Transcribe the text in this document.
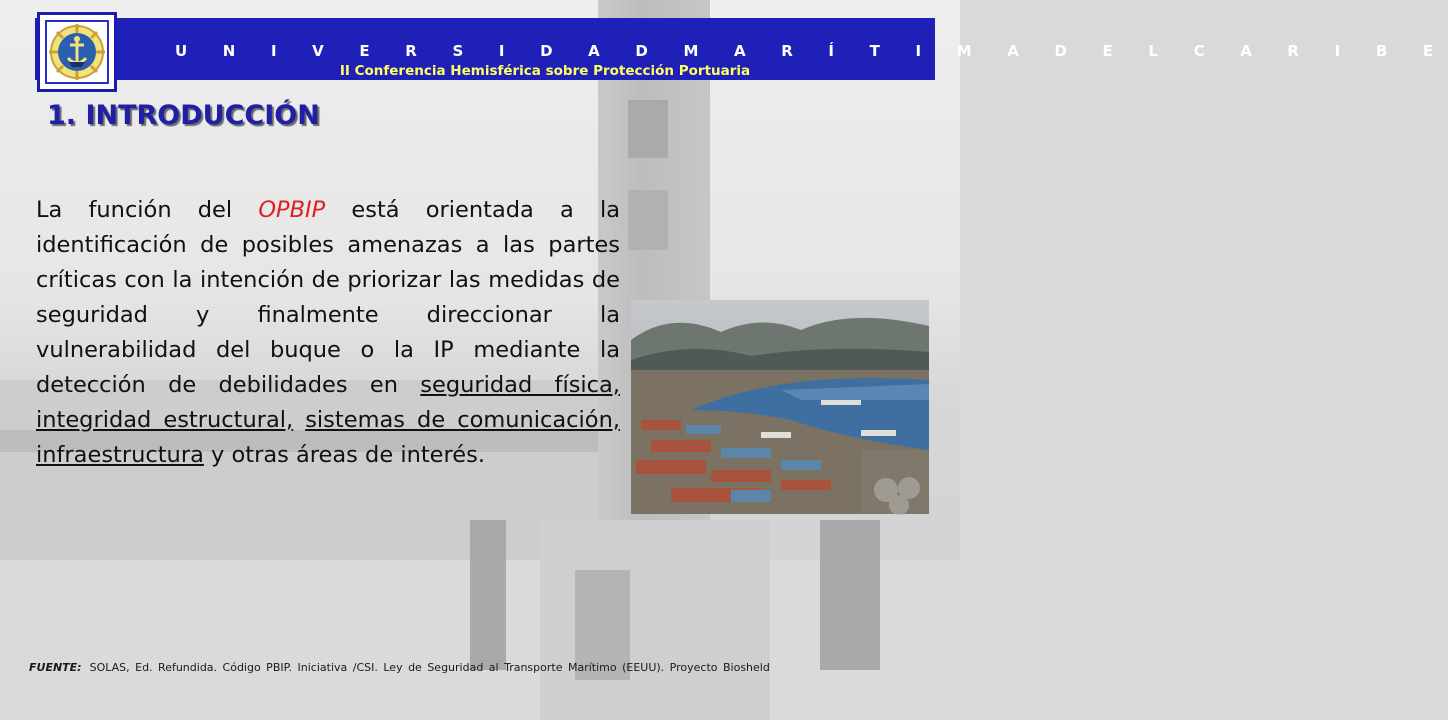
U N I V E R S I D A D M A R Í T I M A D E L C A R I B E
II Conferencia Hemisférica sobre Protección Portuaria
1. INTRODUCCIÓN
La función del OPBIP está orientada a la identificación de posibles amenazas a las partes críticas con la intención de priorizar las medidas de seguridad y finalmente direccionar la vulnerabilidad del buque o la IP mediante la detección de debilidades en seguridad física, integridad estructural, sistemas de comunicación, infraestructura y otras áreas de interés.
FUENTE: SOLAS, Ed. Refundida. Código PBIP. Iniciativa /CSI. Ley de Seguridad al Transporte Marítimo (EEUU). Proyecto Biosheld
